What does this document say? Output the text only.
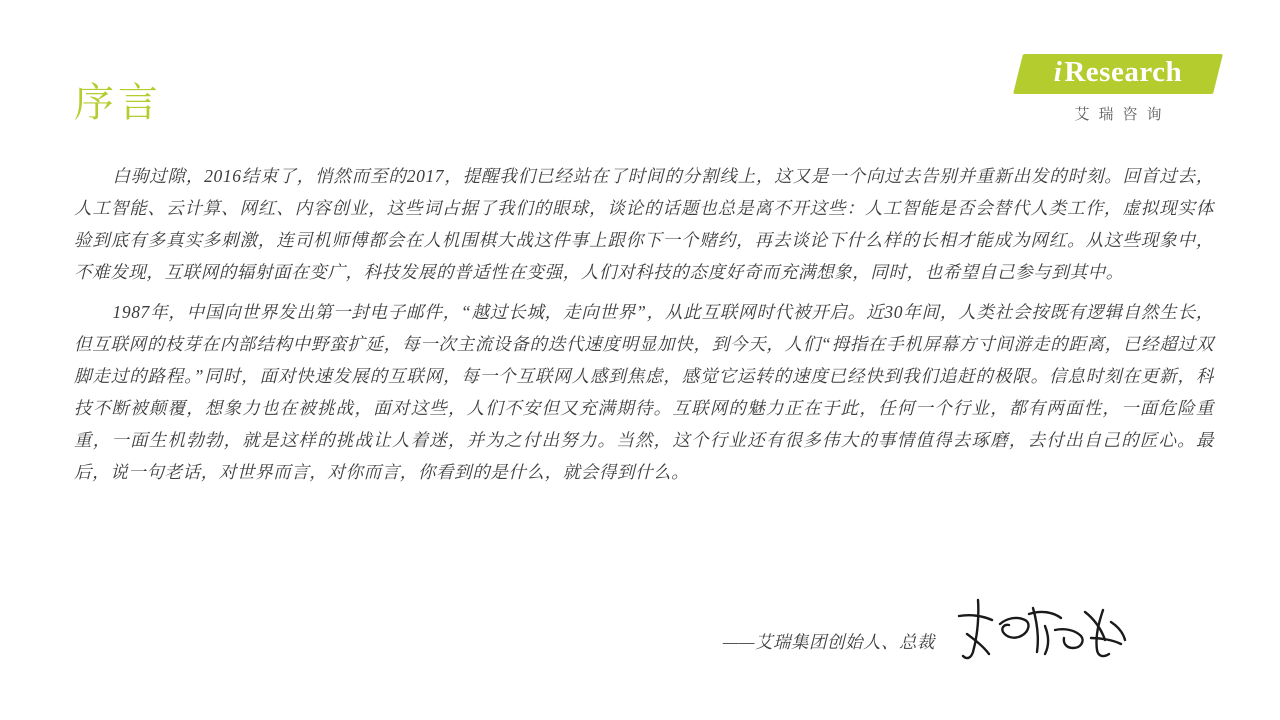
序言
i Research
艾瑞咨询

白驹过隙，2016结束了，悄然而至的2017，提醒我们已经站在了时间的分割线上，这又是一个向过去告别并重新出发的时刻。回首过去，人工智能、云计算、网红、内容创业，这些词占据了我们的眼球，谈论的话题也总是离不开这些：人工智能是否会替代人类工作，虚拟现实体验到底有多真实多刺激，连司机师傅都会在人机围棋大战这件事上跟你下一个赌约，再去谈论下什么样的长相才能成为网红。从这些现象中，不难发现，互联网的辐射面在变广，科技发展的普适性在变强，人们对科技的态度好奇而充满想象，同时，也希望自己参与到其中。

1987年，中国向世界发出第一封电子邮件，“越过长城，走向世界”，从此互联网时代被开启。近30年间，人类社会按既有逻辑自然生长，但互联网的枝芽在内部结构中野蛮扩延，每一次主流设备的迭代速度明显加快，到今天，人们“拇指在手机屏幕方寸间游走的距离，已经超过双脚走过的路程。”同时，面对快速发展的互联网，每一个互联网人感到焦虑，感觉它运转的速度已经快到我们追赶的极限。信息时刻在更新，科技不断被颠覆，想象力也在被挑战，面对这些，人们不安但又充满期待。互联网的魅力正在于此，任何一个行业，都有两面性，一面危险重重，一面生机勃勃，就是这样的挑战让人着迷，并为之付出努力。当然，这个行业还有很多伟大的事情值得去琢磨，去付出自己的匠心。最后，说一句老话，对世界而言，对你而言，你看到的是什么，就会得到什么。

——艾瑞集团创始人、总裁
